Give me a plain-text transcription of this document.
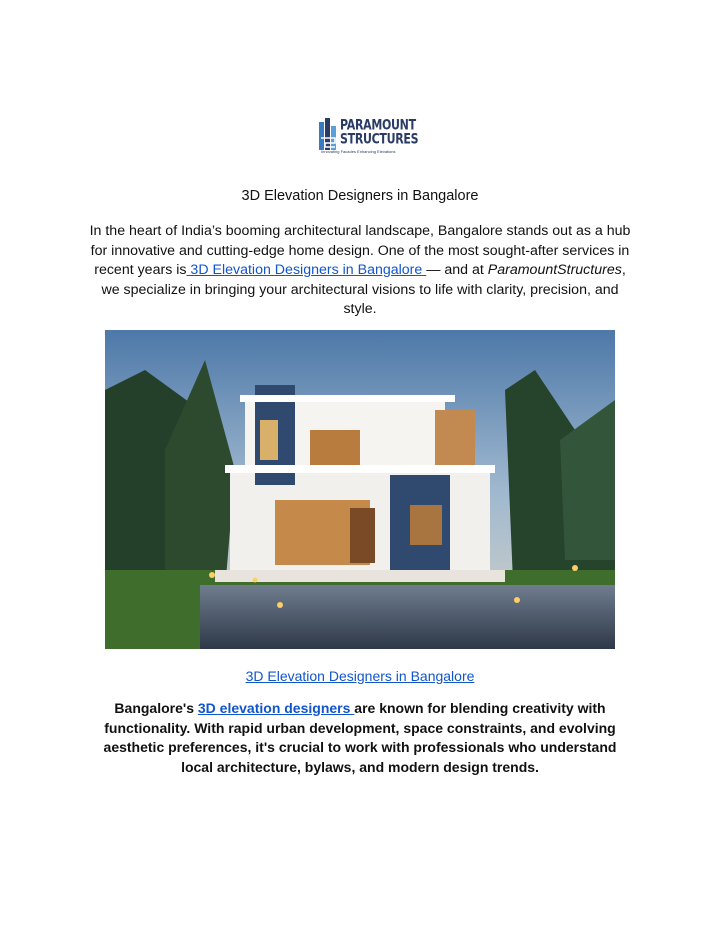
PARAMOUNT
STRUCTURES
Innovating Facades Enhancing Elevations
3D Elevation Designers in Bangalore
In the heart of India’s booming architectural landscape, Bangalore stands out as a hub for innovative and cutting-edge home design. One of the most sought-after services in recent years is 3D Elevation Designers in Bangalore — and at ParamountStructures, we specialize in bringing your architectural visions to life with clarity, precision, and style.
3D Elevation Designers in Bangalore
Bangalore's 3D elevation designers are known for blending creativity with functionality. With rapid urban development, space constraints, and evolving aesthetic preferences, it's crucial to work with professionals who understand local architecture, bylaws, and modern design trends.
